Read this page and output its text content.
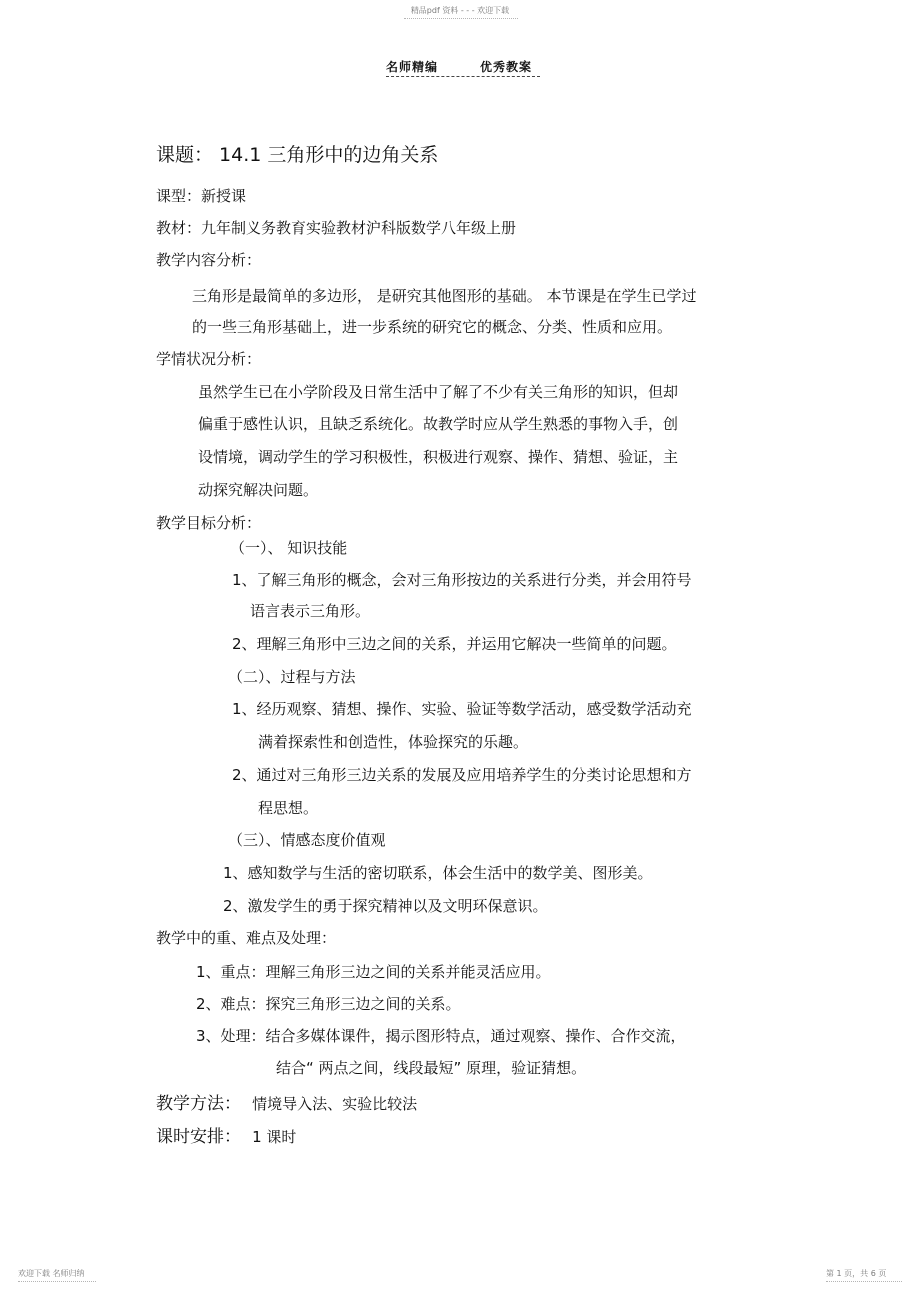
精品pdf 资料 - - - 欢迎下载
名师精编	优秀教案
课题： 14.1 三角形中的边角关系
课型：新授课
教材：九年制义务教育实验教材沪科版数学八年级上册
教学内容分析：
三角形是最简单的多边形， 是研究其他图形的基础。 本节课是在学生已学过
的一些三角形基础上，进一步系统的研究它的概念、分类、性质和应用。
学情状况分析：
虽然学生已在小学阶段及日常生活中了解了不少有关三角形的知识，但却
偏重于感性认识，且缺乏系统化。故教学时应从学生熟悉的事物入手，创
设情境，调动学生的学习积极性，积极进行观察、操作、猜想、验证，主
动探究解决问题。
教学目标分析：
（一）、 知识技能
1、了解三角形的概念，会对三角形按边的关系进行分类，并会用符号
语言表示三角形。
2、理解三角形中三边之间的关系，并运用它解决一些简单的问题。
（二）、过程与方法
1、经历观察、猜想、操作、实验、验证等数学活动，感受数学活动充
满着探索性和创造性，体验探究的乐趣。
2、通过对三角形三边关系的发展及应用培养学生的分类讨论思想和方
程思想。
（三）、情感态度价值观
1、感知数学与生活的密切联系，体会生活中的数学美、图形美。
2、激发学生的勇于探究精神以及文明环保意识。
教学中的重、难点及处理：
1、重点：理解三角形三边之间的关系并能灵活应用。
2、难点：探究三角形三边之间的关系。
3、处理：结合多媒体课件，揭示图形特点，通过观察、操作、合作交流，
结合“ 两点之间，线段最短” 原理，验证猜想。
教学方法： 情境导入法、实验比较法
课时安排： 1 课时
欢迎下载 名师归纳	第 1 页，共 6 页
